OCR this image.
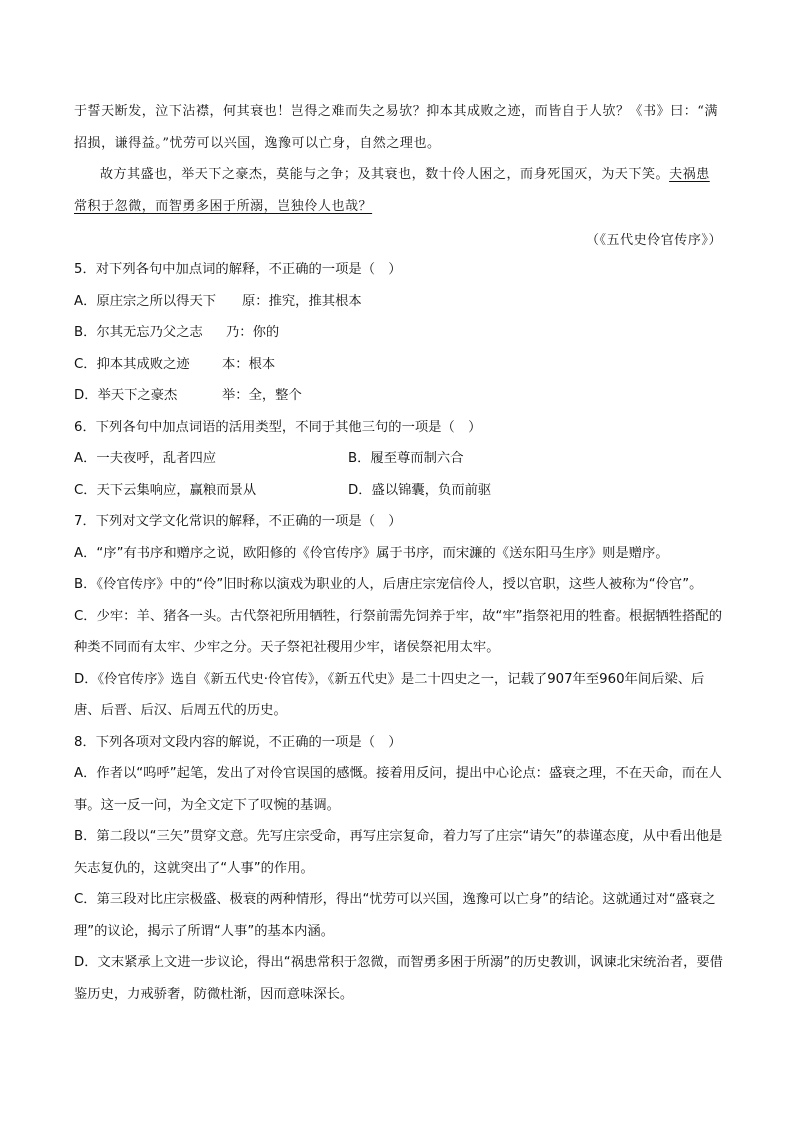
于誓天断发，泣下沾襟，何其衰也！岂得之难而失之易欤？抑本其成败之迹，而皆自于人欤？《书》曰：“满招损，谦得益。”忧劳可以兴国，逸豫可以亡身，自然之理也。

故方其盛也，举天下之豪杰，莫能与之争；及其衰也，数十伶人困之，而身死国灭，为天下笑。夫祸患常积于忽微，而智勇多困于所溺，岂独伶人也哉？

（《五代史伶官传序》）

5．对下列各句中加点词的解释，不正确的一项是（　）

A．原庄宗之所以得天下 原：推究，推其根本

B．尔其无忘乃父之志 乃：你的

C．抑本其成败之迹 本：根本

D．举天下之豪杰	举：全，整个

6．下列各句中加点词语的活用类型，不同于其他三句的一项是（　）

A．一夫夜呼，乱者四应	B．履至尊而制六合
C．天下云集响应，赢粮而景从	D．盛以锦囊，负而前驱

7．下列对文学文化常识的解释，不正确的一项是（　）

A．“序”有书序和赠序之说，欧阳修的《伶官传序》属于书序，而宋濂的《送东阳马生序》则是赠序。

B．《伶官传序》中的“伶”旧时称以演戏为职业的人，后唐庄宗宠信伶人，授以官职，这些人被称为“伶官”。

C．少牢：羊、猪各一头。古代祭祀所用牺牲，行祭前需先饲养于牢，故“牢”指祭祀用的牲畜。根据牺牲搭配的种类不同而有太牢、少牢之分。天子祭祀社稷用少牢，诸侯祭祀用太牢。

D．《伶官传序》选自《新五代史·伶官传》，《新五代史》是二十四史之一，记载了907年至960年间后梁、后唐、后晋、后汉、后周五代的历史。

8．下列各项对文段内容的解说，不正确的一项是（　）

A．作者以“呜呼”起笔，发出了对伶官误国的感慨。接着用反问，提出中心论点：盛衰之理，不在天命，而在人事。这一反一问，为全文定下了叹惋的基调。

B．第二段以“三矢”贯穿文意。先写庄宗受命，再写庄宗复命，着力写了庄宗“请矢”的恭谨态度，从中看出他是矢志复仇的，这就突出了“人事”的作用。

C．第三段对比庄宗极盛、极衰的两种情形，得出“忧劳可以兴国，逸豫可以亡身”的结论。这就通过对“盛衰之理”的议论，揭示了所谓“人事”的基本内涵。

D．文末紧承上文进一步议论，得出“祸患常积于忽微，而智勇多困于所溺”的历史教训，讽谏北宋统治者，要借鉴历史，力戒骄奢，防微杜渐，因而意味深长。
